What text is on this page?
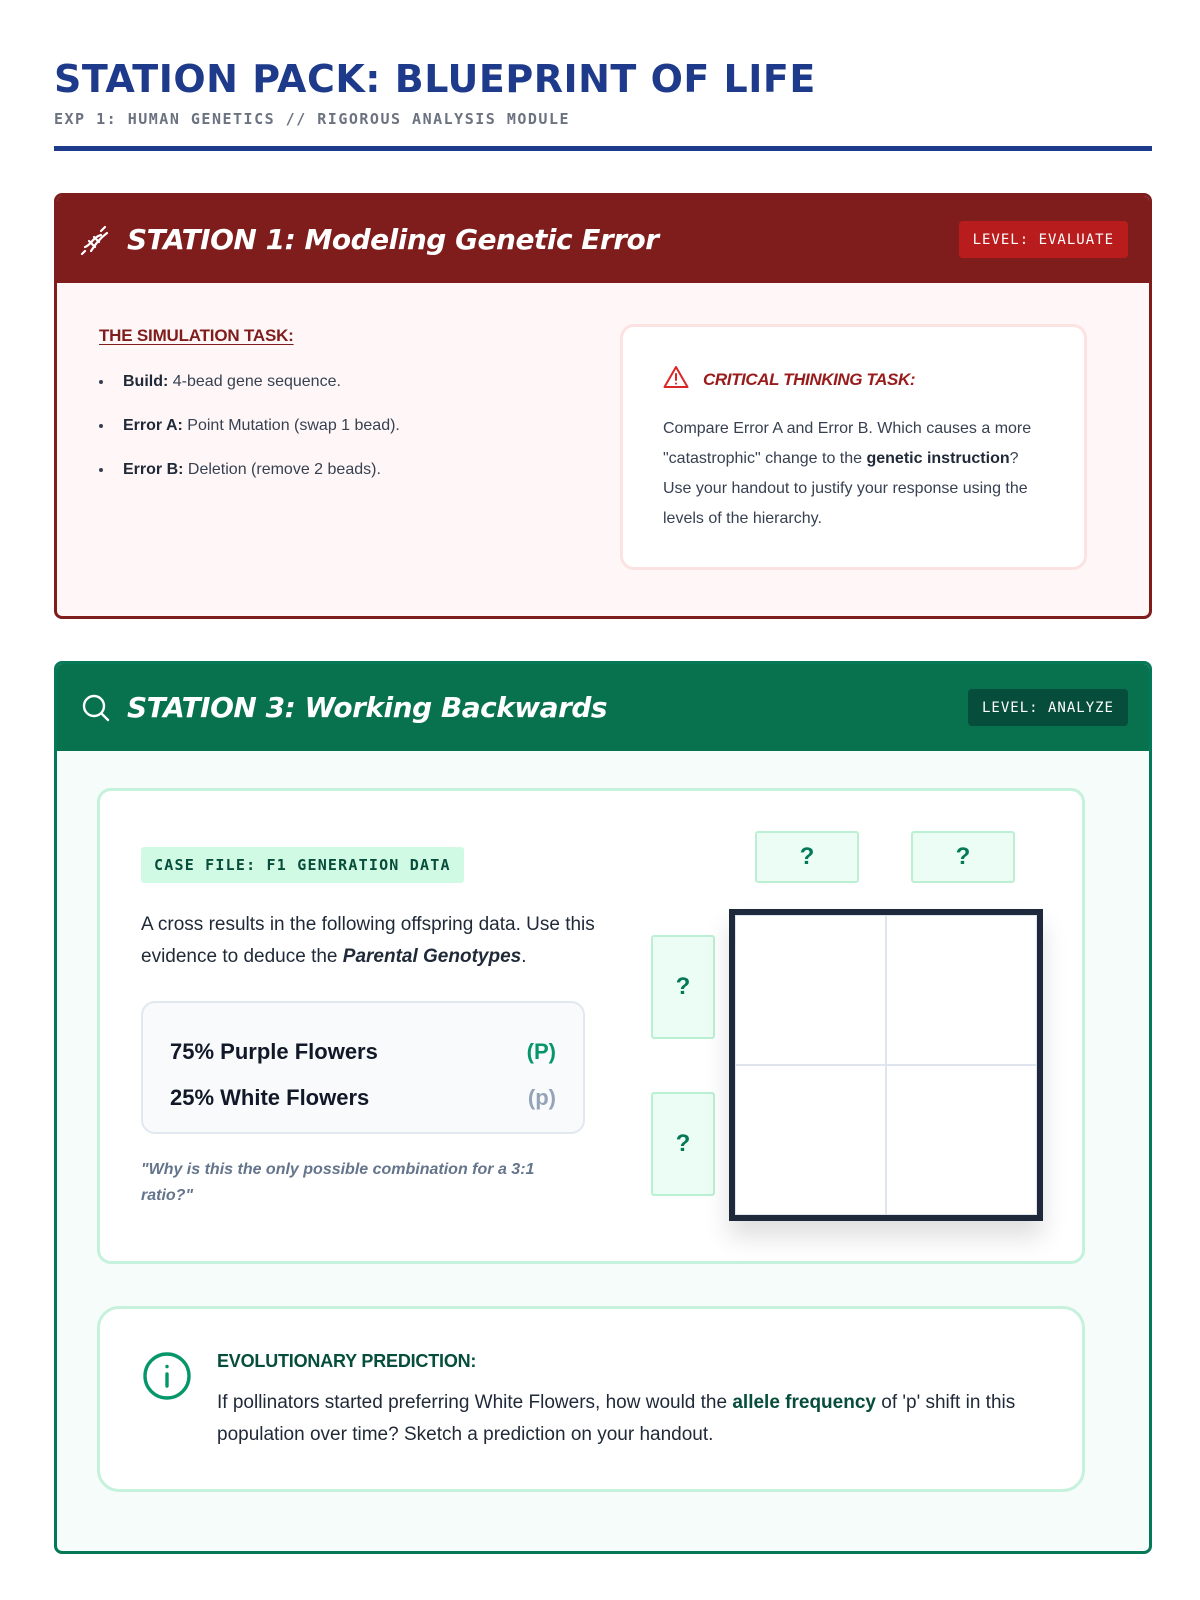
STATION PACK: BLUEPRINT OF LIFE
EXP 1: HUMAN GENETICS // RIGOROUS ANALYSIS MODULE
STATION 1: Modeling Genetic Error	LEVEL: EVALUATE
THE SIMULATION TASK:
Build: 4-bead gene sequence.
Error A: Point Mutation (swap 1 bead).
Error B: Deletion (remove 2 beads).
CRITICAL THINKING TASK:

Compare Error A and Error B. Which causes a more "catastrophic" change to the genetic instruction? Use your handout to justify your response using the levels of the hierarchy.

STATION 3: Working Backwards	LEVEL: ANALYZE
CASE FILE: F1 GENERATION DATA

A cross results in the following offspring data. Use this evidence to deduce the Parental Genotypes.

75% Purple Flowers	(P)
25% White Flowers	(p)

"Why is this the only possible combination for a 3:1 ratio?"

?	?
?
?
EVOLUTIONARY PREDICTION:

If pollinators started preferring White Flowers, how would the allele frequency of 'p' shift in this population over time? Sketch a prediction on your handout.
